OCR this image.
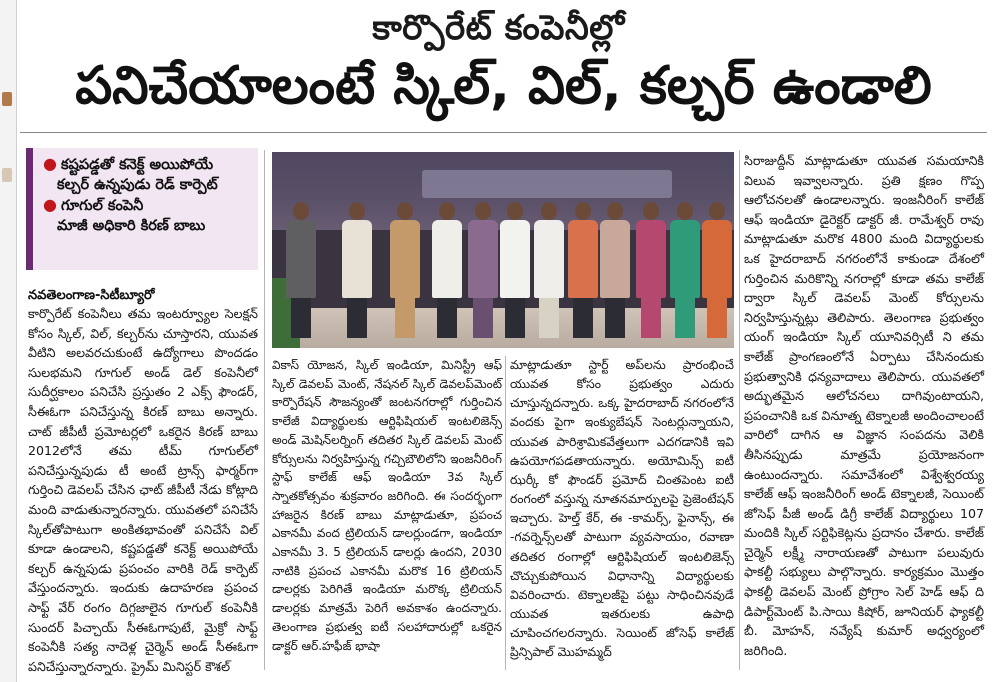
కార్పొరేట్ కంపెనీల్లో
పనిచేయాలంటే స్కిల్, విల్, కల్చర్ ఉండాలి
● కష్టపడ్డతో కనెక్ట్ అయిపోయే
కల్చర్ ఉన్నపుడు రెడ్ కార్పెట్
● గూగుల్ కంపెనీ
మాజీ అధికారి కిరణ్ బాబు
నవతెలంగాణ-సిటీబ్యూరో

కార్పొరేట్ కంపెనీలు తమ ఇంటర్వ్యూల సెలక్షన్ కోసం స్కిల్, విల్, కల్చర్‌ను చూస్తారని, యువత వీటిని అలవరచుకుంటే ఉద్యోగాలు పొందడం సులభమని గూగుల్ అండ్ డెల్ కంపెనీలో సుదీర్ఘకాలం పనిచేసి ప్రస్తుతం 2 ఎక్స్ ఫౌండర్, సీఈఓగా పనిచేస్తున్న కిరణ్ బాబు అన్నారు. చాట్ జీపీటీ ప్రమోటర్లలో ఒకరైన కిరణ్ బాబు 2012లోనే తమ టీమ్ గూగుల్‌లో పనిచేస్తున్నపుడు టీ అంటే ట్రాన్స్ ఫార్మర్‌గా గుర్తించి డెవలప్ చేసిన ఛాట్ జీపీటీ నేడు కోట్లాది మంది వాడుతున్నారన్నారు. యువతలో పనిచేసే స్కిల్‌తోపాటుగా అంకితభావంతో పనిచేసే విల్ కూడా ఉండాలని, కష్టపడ్డతో కనెక్ట్ అయిపోయే కల్చర్ ఉన్నపుడు ప్రపంచం వారికి రెడ్ కార్పెట్ వేస్తుందన్నారు. ఇందుకు ఉదాహరణ ప్రపంచ సాఫ్ట్ వేర్ రంగం దిగ్గజాలైన గూగుల్ కంపెనీకి సుందర్ పిచ్చాయ్ సీఈఓగాపుటే, మైక్రో సాఫ్ట్ కంపెనీకి సత్య నాదెళ్ల చైర్మెన్ అండ్ సీఈఓగా పనిచేస్తున్నారన్నారు. ప్రైమ్ మినిస్టర్ కౌశల్

వికాస్ యోజన, స్కిల్ ఇండియా, మినిస్ట్రీ ఆఫ్ స్కిల్ డెవలప్ మెంట్, నేషనల్ స్కిల్ డెవలప్‌మెంట్ కార్పొరేషన్ సౌజన్యంతో జంటనగరాల్లో గుర్తించిన కాలేజీ విద్యార్థులకు ఆర్టిఫిషియల్ ఇంటలిజెన్స్ అండ్ మెషిన్‌లర్నింగ్ తదితర స్కిల్ డెవలప్ మెంట్ కోర్సులను నిర్వహిస్తున్న గచ్చిబౌలిలోని ఇంజనీరింగ్ స్టాఫ్ కాలేజ్ ఆఫ్ ఇండియా 3వ స్కిల్ స్నాతకోత్సవం శుక్రవారం జరిగింది. ఈ సందర్భంగా హాజరైన కిరణ్ బాబు మాట్లాడుతూ, ప్రపంచ ఎకానమీ వంద ట్రిలియన్ డాలర్లుండగా, ఇండియా ఎకానమీ 3. 5 ట్రిలియన్ డాలర్లు ఉందని, 2030 నాటికి ప్రపంచ ఎకానమీ మరొక 16 ట్రిలియన్ డాలర్లకు పెరిగితే ఇండియా మరొక్క ట్రిలియన్ డాలర్లకు మాత్రమే పెరిగే అవకాశం ఉందన్నారు. తెలంగాణ ప్రభుత్వ ఐటీ సలహాదారుల్లో ఒకరైన డాక్టర్ ఆర్.హఫీజ్ భాషా

మాట్లాడుతూ స్టార్ట్ అప్‌లను ప్రారంభించే యువత కోసం ప్రభుత్వం ఎదురు చూస్తున్నదన్నారు. ఒక్క హైదరాబాద్ నగరంలోనే వందకు పైగా ఇంక్యుబేషన్ సెంటర్లున్నాయని, యువత పారిశ్రామికవేత్తలుగా ఎదగడానికి ఇవి ఉపయోగపడతాయన్నారు. అయోమిన్స్ ఐటీ ఝర్కీ కో ఫౌండర్ ప్రమోద్ చింతపెంట ఐటీ రంగంలో వస్తున్న నూతనమార్పులపై ప్రెజెంటేషన్ ఇచ్చారు. హెల్త్ కేర్, ఈ -కామర్స్, ఫైనాన్స్, ఈ -గవర్నెన్స్‌లతో పాటుగా వ్యవసాయం, రవాణా తదితర రంగాల్లో ఆర్టిఫిషియల్ ఇంటలిజెన్స్ చొచ్చుకుపోయిన విధానాన్ని విద్యార్థులకు వివరించారు. టెక్నాలజీపై పట్టు సాధించినవుడే యువత ఇతరులకు ఉపాధి చూపించగలరన్నారు. సెయింట్ జోసెఫ్ కాలేజ్ ప్రిన్సిపాల్ మొహమ్మద్

సిరాజుద్దీన్ మాట్లాడుతూ యువత సమయానికి విలువ ఇవ్వాలన్నారు. ప్రతి క్షణం గొప్ప ఆలోచనలతో ఉండాలన్నారు. ఇంజనీరింగ్ కాలేజ్ ఆఫ్ ఇండియా డైరెక్టర్ డాక్టర్ జీ. రామేశ్వర్ రావు మాట్లాడుతూ మరొక 4800 మంది విద్యార్థులకు ఒక హైదరాబాద్ నగరంలోనే కాకుండా దేశంలో గుర్తించిన మరికొన్ని నగరాల్లో కూడా తమ కాలేజ్ ద్వారా స్కిల్ డెవలప్ మెంట్ కోర్సులను నిర్వహిస్తున్నట్లు తెలిపారు. తెలంగాణ ప్రభుత్వం యంగ్ ఇండియా స్కిల్ యూనివర్సిటీ ని తమ కాలేజ్ ప్రాంగణంలోనే ఏర్పాటు చేసినందుకు ప్రభుత్వానికి ధన్యవాదాలు తెలిపారు. యువతలో అద్భుతమైన ఆలోచనలు దాగివుంటాయని, ప్రపంచానికి ఒక వినూత్న టెక్నాలజీ అందించాలంటే వారిలో దాగిన ఆ విజ్ఞాన సంపదను వెలికి తీసినప్పుడు మాత్రమే ప్రయోజనంగా ఉంటుందన్నారు. సమావేశంలో విశ్వేశ్వరయ్య కాలేజ్ ఆఫ్ ఇంజనీరింగ్ అండ్ టెక్నాలజీ, సెయింట్ జోసెఫ్ పీజీ అండ్ డిగ్రీ కాలేజ్ విద్యార్థులు 107 మందికి స్కిల్ సర్టిఫికెట్లను ప్రదానం చేశారు. కాలేజ్ చైర్మెన్ లక్ష్మీ నారాయణతో పాటుగా పలువురు ఫాకల్టీ సభ్యులు పాల్గొన్నారు. కార్యక్రమం మొత్తం ఫాకల్టీ డెవలప్ మెంట్ ప్రోగ్రాం సెల్ హెడ్ ఆఫ్ ది డిపార్ట్‌మెంట్ పి.సాయి కిషోర్, జూనియర్ ఫ్యాకల్టీ బీ. మోహన్, నవ్యేష్ కుమార్ అధ్వర్యంలో జరిగింది.
